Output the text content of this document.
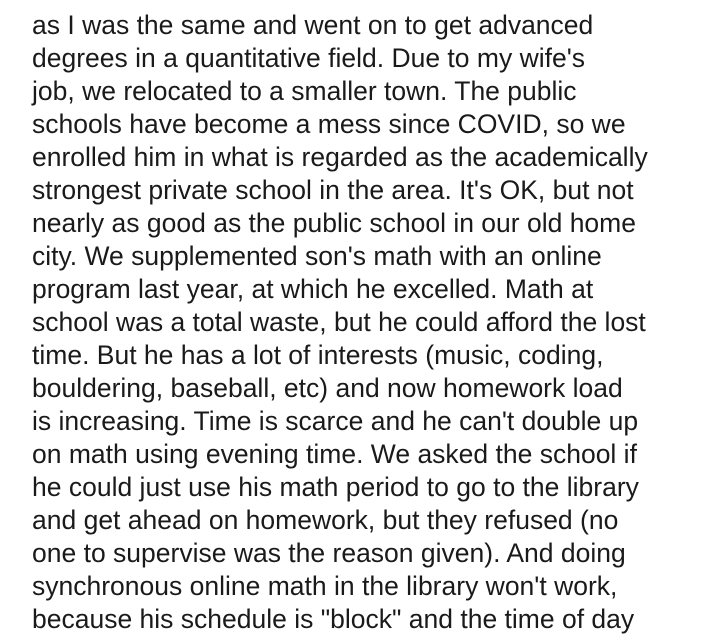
as I was the same and went on to get advanced
degrees in a quantitative field. Due to my wife's
job, we relocated to a smaller town. The public
schools have become a mess since COVID, so we
enrolled him in what is regarded as the academically
strongest private school in the area. It's OK, but not
nearly as good as the public school in our old home
city. We supplemented son's math with an online
program last year, at which he excelled. Math at
school was a total waste, but he could afford the lost
time. But he has a lot of interests (music, coding,
bouldering, baseball, etc) and now homework load
is increasing. Time is scarce and he can't double up
on math using evening time. We asked the school if
he could just use his math period to go to the library
and get ahead on homework, but they refused (no
one to supervise was the reason given). And doing
synchronous online math in the library won't work,
because his schedule is "block" and the time of day
